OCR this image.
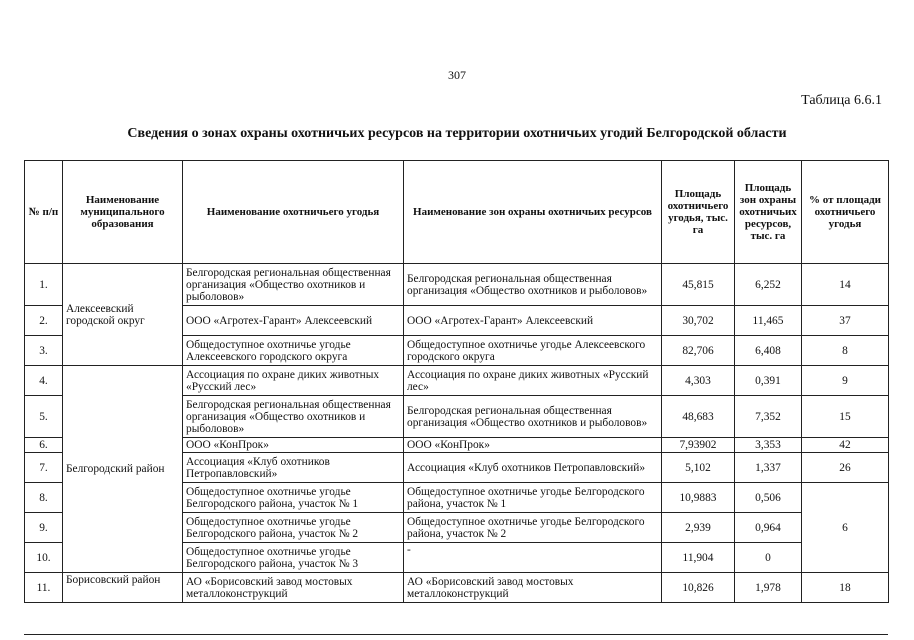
307
Таблица 6.6.1
Сведения о зонах охраны охотничьих ресурсов на территории охотничьих угодий Белгородской области
№ п/п	Наименование муниципального образования	Наименование охотничьего угодья	Наименование зон охраны охотничьих ресурсов	Площадь охотничьего угодья, тыс. га	Площадь зон охраны охотничьих ресурсов, тыс. га	% от площади охотничьего угодья
1.	Алексеевский городской округ	Белгородская региональная общественная организация «Общество охотников и рыболовов»	Белгородская региональная общественная организация «Общество охотников и рыболовов»	45,815	6,252	14
2.		ООО «Агротех-Гарант» Алексеевский	ООО «Агротех-Гарант» Алексеевский	30,702	11,465	37
3.		Общедоступное охотничье угодье Алексеевского городского округа	Общедоступное охотничье угодье Алексеевского городского округа	82,706	6,408	8
4.	Белгородский район	Ассоциация по охране диких животных «Русский лес»	Ассоциация по охране диких животных «Русский лес»	4,303	0,391	9
5.		Белгородская региональная общественная организация «Общество охотников и рыболовов»	Белгородская региональная общественная организация «Общество охотников и рыболовов»	48,683	7,352	15
6.		ООО «КонПрок»	ООО «КонПрок»	7,93902	3,353	42
7.		Ассоциация «Клуб охотников Петропавловский»	Ассоциация «Клуб охотников Петропавловский»	5,102	1,337	26
8.		Общедоступное охотничье угодье Белгородского района, участок № 1	Общедоступное охотничье угодье Белгородского района, участок № 1	10,9883	0,506	6
9.		Общедоступное охотничье угодье Белгородского района, участок № 2	Общедоступное охотничье угодье Белгородского района, участок № 2	2,939	0,964	
10.		Общедоступное охотничье угодье Белгородского района, участок № 3	-	11,904	0	
11.	Борисовский район	АО «Борисовский завод мостовых металлоконструкций	АО «Борисовский завод мостовых металлоконструкций	10,826	1,978	18
